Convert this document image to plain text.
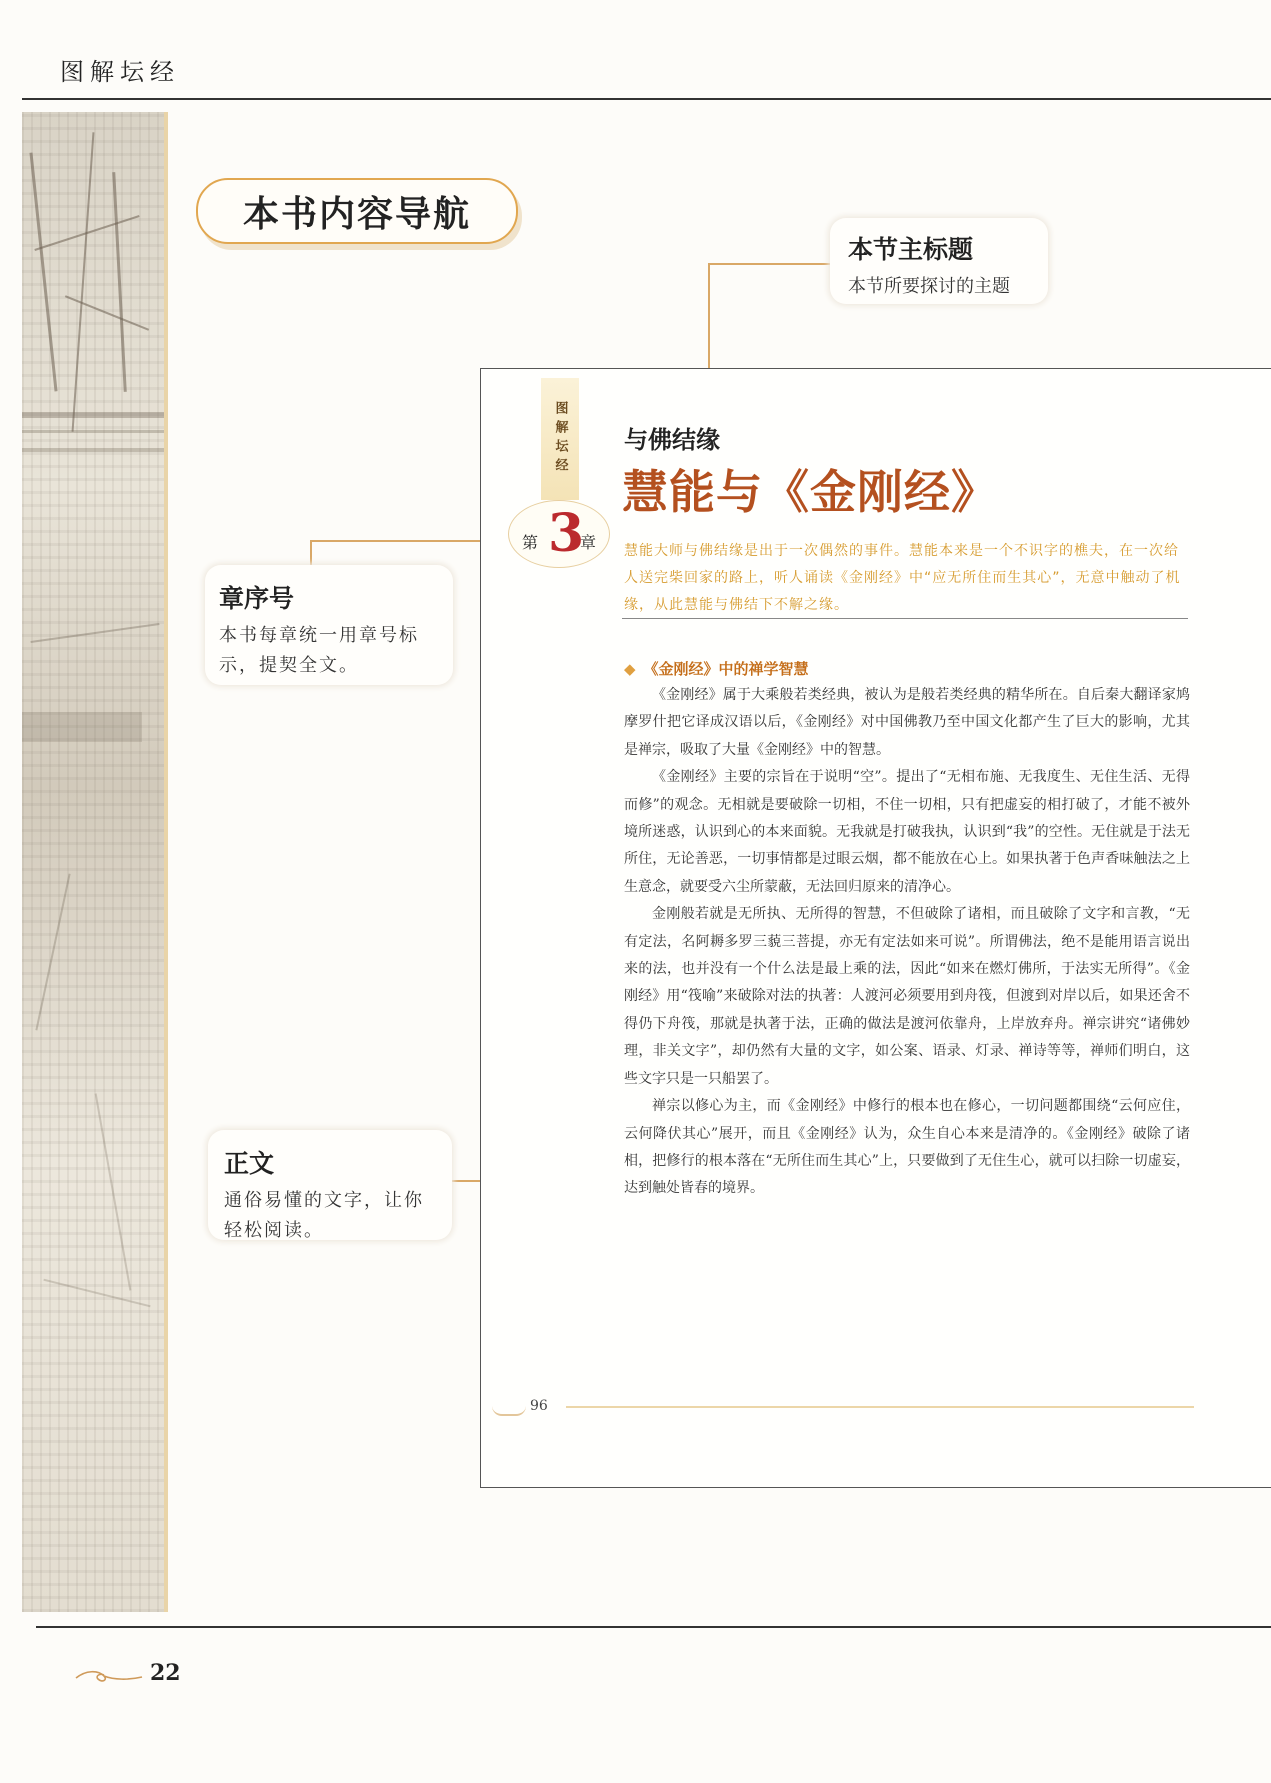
图解坛经
本书内容导航
本节主标题
本节所要探讨的主题
章序号
本书每章统一用章号标示，提契全文。
正文
通俗易懂的文字，让你轻松阅读。
图解坛经
第 3
章
与佛结缘
慧能与《金刚经》
慧能大师与佛结缘是出于一次偶然的事件。慧能本来是一个不识字的樵夫，在一次给人送完柴回家的路上，听人诵读《金刚经》中“应无所住而生其心”，无意中触动了机缘，从此慧能与佛结下不解之缘。
◆ 《金刚经》中的禅学智慧

《金刚经》属于大乘般若类经典，被认为是般若类经典的精华所在。自后秦大翻译家鸠摩罗什把它译成汉语以后，《金刚经》对中国佛教乃至中国文化都产生了巨大的影响，尤其是禅宗，吸取了大量《金刚经》中的智慧。

《金刚经》主要的宗旨在于说明“空”。提出了“无相布施、无我度生、无住生活、无得而修”的观念。无相就是要破除一切相，不住一切相，只有把虚妄的相打破了，才能不被外境所迷惑，认识到心的本来面貌。无我就是打破我执，认识到“我”的空性。无住就是于法无所住，无论善恶，一切事情都是过眼云烟，都不能放在心上。如果执著于色声香味触法之上生意念，就要受六尘所蒙蔽，无法回归原来的清净心。

金刚般若就是无所执、无所得的智慧，不但破除了诸相，而且破除了文字和言教，“无有定法，名阿耨多罗三藐三菩提，亦无有定法如来可说”。所谓佛法，绝不是能用语言说出来的法，也并没有一个什么法是最上乘的法，因此“如来在燃灯佛所，于法实无所得”。《金刚经》用“筏喻”来破除对法的执著：人渡河必须要用到舟筏，但渡到对岸以后，如果还舍不得仍下舟筏，那就是执著于法，正确的做法是渡河依靠舟，上岸放弃舟。禅宗讲究“诸佛妙理，非关文字”，却仍然有大量的文字，如公案、语录、灯录、禅诗等等，禅师们明白，这些文字只是一只船罢了。

禅宗以修心为主，而《金刚经》中修行的根本也在修心，一切问题都围绕“云何应住，云何降伏其心”展开，而且《金刚经》认为，众生自心本来是清净的。《金刚经》破除了诸相，把修行的根本落在“无所住而生其心”上，只要做到了无住生心，就可以扫除一切虚妄，达到触处皆春的境界。

96
22
